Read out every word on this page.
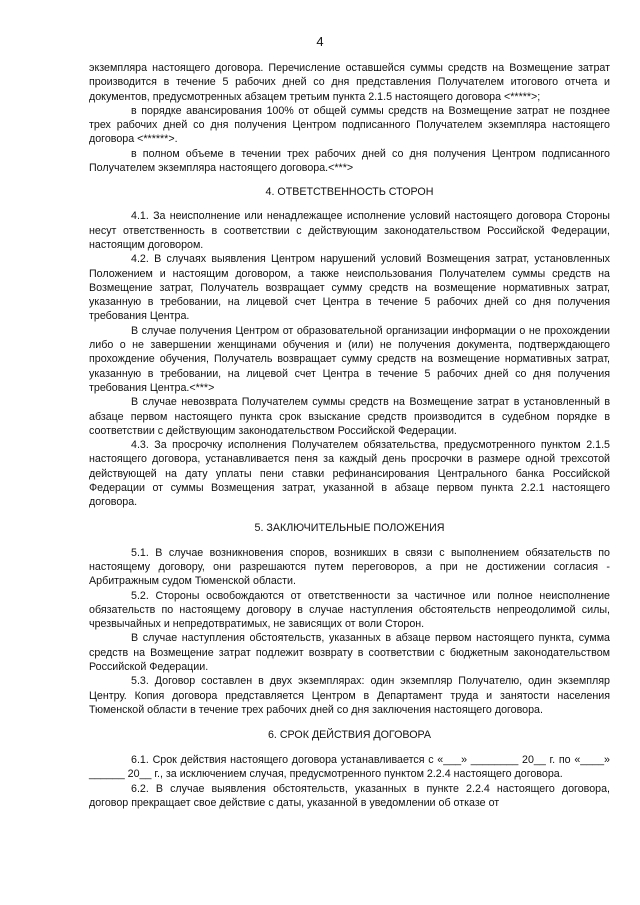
4

экземпляра настоящего договора. Перечисление оставшейся суммы средств на Возмещение затрат производится в течение 5 рабочих дней со дня представления Получателем итогового отчета и документов, предусмотренных абзацем третьим пункта 2.1.5 настоящего договора <*****>;

в порядке авансирования 100% от общей суммы средств на Возмещение затрат не позднее трех рабочих дней со дня получения Центром подписанного Получателем экземпляра настоящего договора <******>.

в полном объеме в течении трех рабочих дней со дня получения Центром подписанного Получателем экземпляра настоящего договора.<***>

4. ОТВЕТСТВЕННОСТЬ СТОРОН

4.1. За неисполнение или ненадлежащее исполнение условий настоящего договора Стороны несут ответственность в соответствии с действующим законодательством Российской Федерации, настоящим договором.

4.2. В случаях выявления Центром нарушений условий Возмещения затрат, установленных Положением и настоящим договором, а также неиспользования Получателем суммы средств на Возмещение затрат, Получатель возвращает сумму средств на возмещение нормативных затрат, указанную в требовании, на лицевой счет Центра в течение 5 рабочих дней со дня получения требования Центра.

В случае получения Центром от образовательной организации информации о не прохождении либо о не завершении женщинами обучения и (или) не получения документа, подтверждающего прохождение обучения, Получатель возвращает сумму средств на возмещение нормативных затрат, указанную в требовании, на лицевой счет Центра в течение 5 рабочих дней со дня получения требования Центра.<***>

В случае невозврата Получателем суммы средств на Возмещение затрат в установленный в абзаце первом настоящего пункта срок взыскание средств производится в судебном порядке в соответствии с действующим законодательством Российской Федерации.

4.3. За просрочку исполнения Получателем обязательства, предусмотренного пунктом 2.1.5 настоящего договора, устанавливается пеня за каждый день просрочки в размере одной трехсотой действующей на дату уплаты пени ставки рефинансирования Центрального банка Российской Федерации от суммы Возмещения затрат, указанной в абзаце первом пункта 2.2.1 настоящего договора.

5. ЗАКЛЮЧИТЕЛЬНЫЕ ПОЛОЖЕНИЯ

5.1. В случае возникновения споров, возникших в связи с выполнением обязательств по настоящему договору, они разрешаются путем переговоров, а при не достижении согласия - Арбитражным судом Тюменской области.

5.2. Стороны освобождаются от ответственности за частичное или полное неисполнение обязательств по настоящему договору в случае наступления обстоятельств непреодолимой силы, чрезвычайных и непредотвратимых, не зависящих от воли Сторон.

В случае наступления обстоятельств, указанных в абзаце первом настоящего пункта, сумма средств на Возмещение затрат подлежит возврату в соответствии с бюджетным законодательством Российской Федерации.

5.3. Договор составлен в двух экземплярах: один экземпляр Получателю, один экземпляр Центру. Копия договора представляется Центром в Департамент труда и занятости населения Тюменской области в течение трех рабочих дней со дня заключения настоящего договора.

6. СРОК ДЕЙСТВИЯ ДОГОВОРА

6.1. Срок действия настоящего договора устанавливается с «___» ________ 20__ г. по «____» ______ 20__ г., за исключением случая, предусмотренного пунктом 2.2.4 настоящего договора.

6.2. В случае выявления обстоятельств, указанных в пункте 2.2.4 настоящего договора, договор прекращает свое действие с даты, указанной в уведомлении об отказе от
